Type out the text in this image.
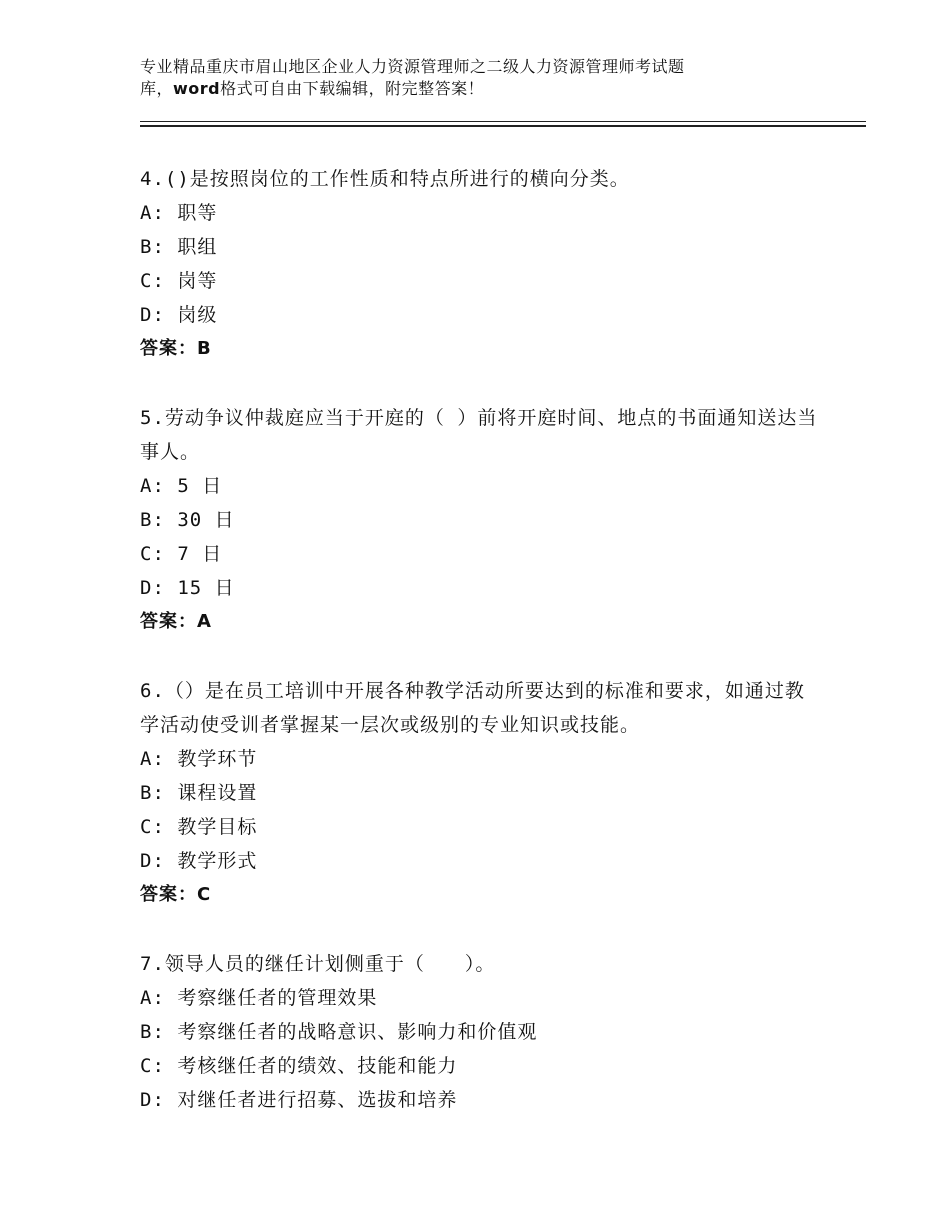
专业精品重庆市眉山地区企业人力资源管理师之二级人力资源管理师考试题
库，word格式可自由下载编辑，附完整答案！
4.()是按照岗位的工作性质和特点所进行的横向分类。
A: 职等
B: 职组
C: 岗等
D: 岗级
答案：B
5.劳动争议仲裁庭应当于开庭的（ ）前将开庭时间、地点的书面通知送达当事人。
A: 5 日
B: 30 日
C: 7 日
D: 15 日
答案：A
6.（）是在员工培训中开展各种教学活动所要达到的标准和要求，如通过教学活动使受训者掌握某一层次或级别的专业知识或技能。
A: 教学环节
B: 课程设置
C: 教学目标
D: 教学形式
答案：C
7.领导人员的继任计划侧重于（　　）。
A: 考察继任者的管理效果
B: 考察继任者的战略意识、影响力和价值观
C: 考核继任者的绩效、技能和能力
D: 对继任者进行招募、选拔和培养
